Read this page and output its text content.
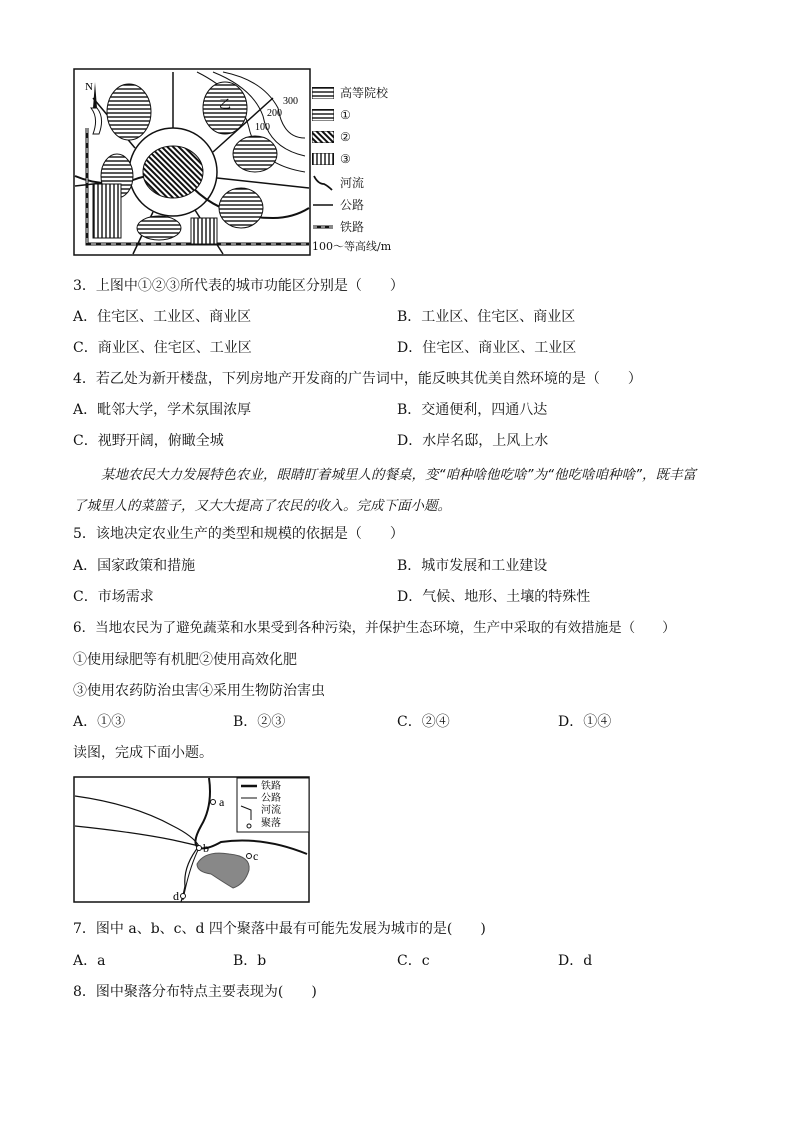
N
300
200
100
乙
高等院校
①
②
③
河流
公路
铁路
100～等高线/m
3．上图中①②③所代表的城市功能区分别是（　　）
A．住宅区、工业区、商业区	B．工业区、住宅区、商业区
C．商业区、住宅区、工业区	D．住宅区、商业区、工业区
4．若乙处为新开楼盘，下列房地产开发商的广告词中，能反映其优美自然环境的是（　　）
A．毗邻大学，学术氛围浓厚	B．交通便利，四通八达
C．视野开阔，俯瞰全城	D．水岸名邸，上风上水
某地农民大力发展特色农业，眼睛盯着城里人的餐桌，变“咱种啥他吃啥”为“他吃啥咱种啥”，既丰富
了城里人的菜篮子，又大大提高了农民的收入。完成下面小题。
5．该地决定农业生产的类型和规模的依据是（　　）
A．国家政策和措施	B．城市发展和工业建设
C．市场需求	D．气候、地形、土壤的特殊性
6．当地农民为了避免蔬菜和水果受到各种污染，并保护生态环境，生产中采取的有效措施是（　　）
①使用绿肥等有机肥②使用高效化肥
③使用农药防治虫害④采用生物防治害虫
A．①③	B．②③	C．②④	D．①④
读图，完成下面小题。
a
b
c
d
铁路
公路
河流
聚落
7．图中 a、b、c、d 四个聚落中最有可能先发展为城市的是(　　)
A．a	B．b	C．c	D．d
8．图中聚落分布特点主要表现为(　　)
